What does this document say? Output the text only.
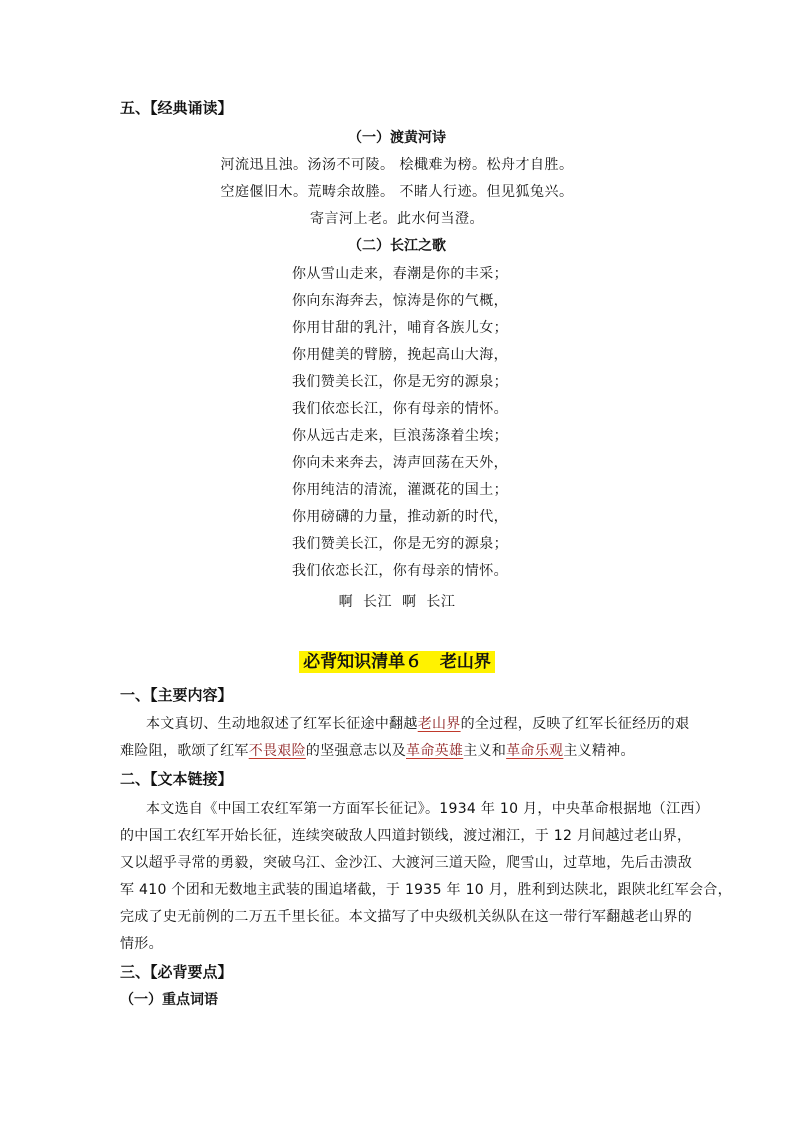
五、【经典诵读】
（一）渡黄河诗
河流迅且浊。汤汤不可陵。 桧檝难为榜。松舟才自胜。
空庭偃旧木。荒畴余故塍。 不睹人行迹。但见狐兔兴。
寄言河上老。此水何当澄。
（二）长江之歌
你从雪山走来，春潮是你的丰采；
你向东海奔去，惊涛是你的气概，
你用甘甜的乳汁，哺育各族儿女；
你用健美的臂膀，挽起高山大海，
我们赞美长江，你是无穷的源泉；
我们依恋长江，你有母亲的情怀。
你从远古走来，巨浪荡涤着尘埃；
你向未来奔去，涛声回荡在天外，
你用纯洁的清流，灌溉花的国土；
你用磅礴的力量，推动新的时代，
我们赞美长江，你是无穷的源泉；
我们依恋长江，你有母亲的情怀。
啊  长江  啊  长江
必背知识清单６   老山界
一、【主要内容】
本文真切、生动地叙述了红军长征途中翻越老山界的全过程，反映了红军长征经历的艰
难险阻，歌颂了红军不畏艰险的坚强意志以及革命英雄主义和革命乐观主义精神。
二、【文本链接】
本文选自《中国工农红军第一方面军长征记》。1934 年 10 月，中央革命根据地（江西）
的中国工农红军开始长征，连续突破敌人四道封锁线，渡过湘江，于 12 月间越过老山界，
又以超乎寻常的勇毅，突破乌江、金沙江、大渡河三道天险，爬雪山，过草地，先后击溃敌
军 410 个团和无数地主武装的围追堵截，于 1935 年 10 月，胜利到达陕北，跟陕北红军会合，
完成了史无前例的二万五千里长征。本文描写了中央级机关纵队在这一带行军翻越老山界的
情形。
三、【必背要点】
（一）重点词语
